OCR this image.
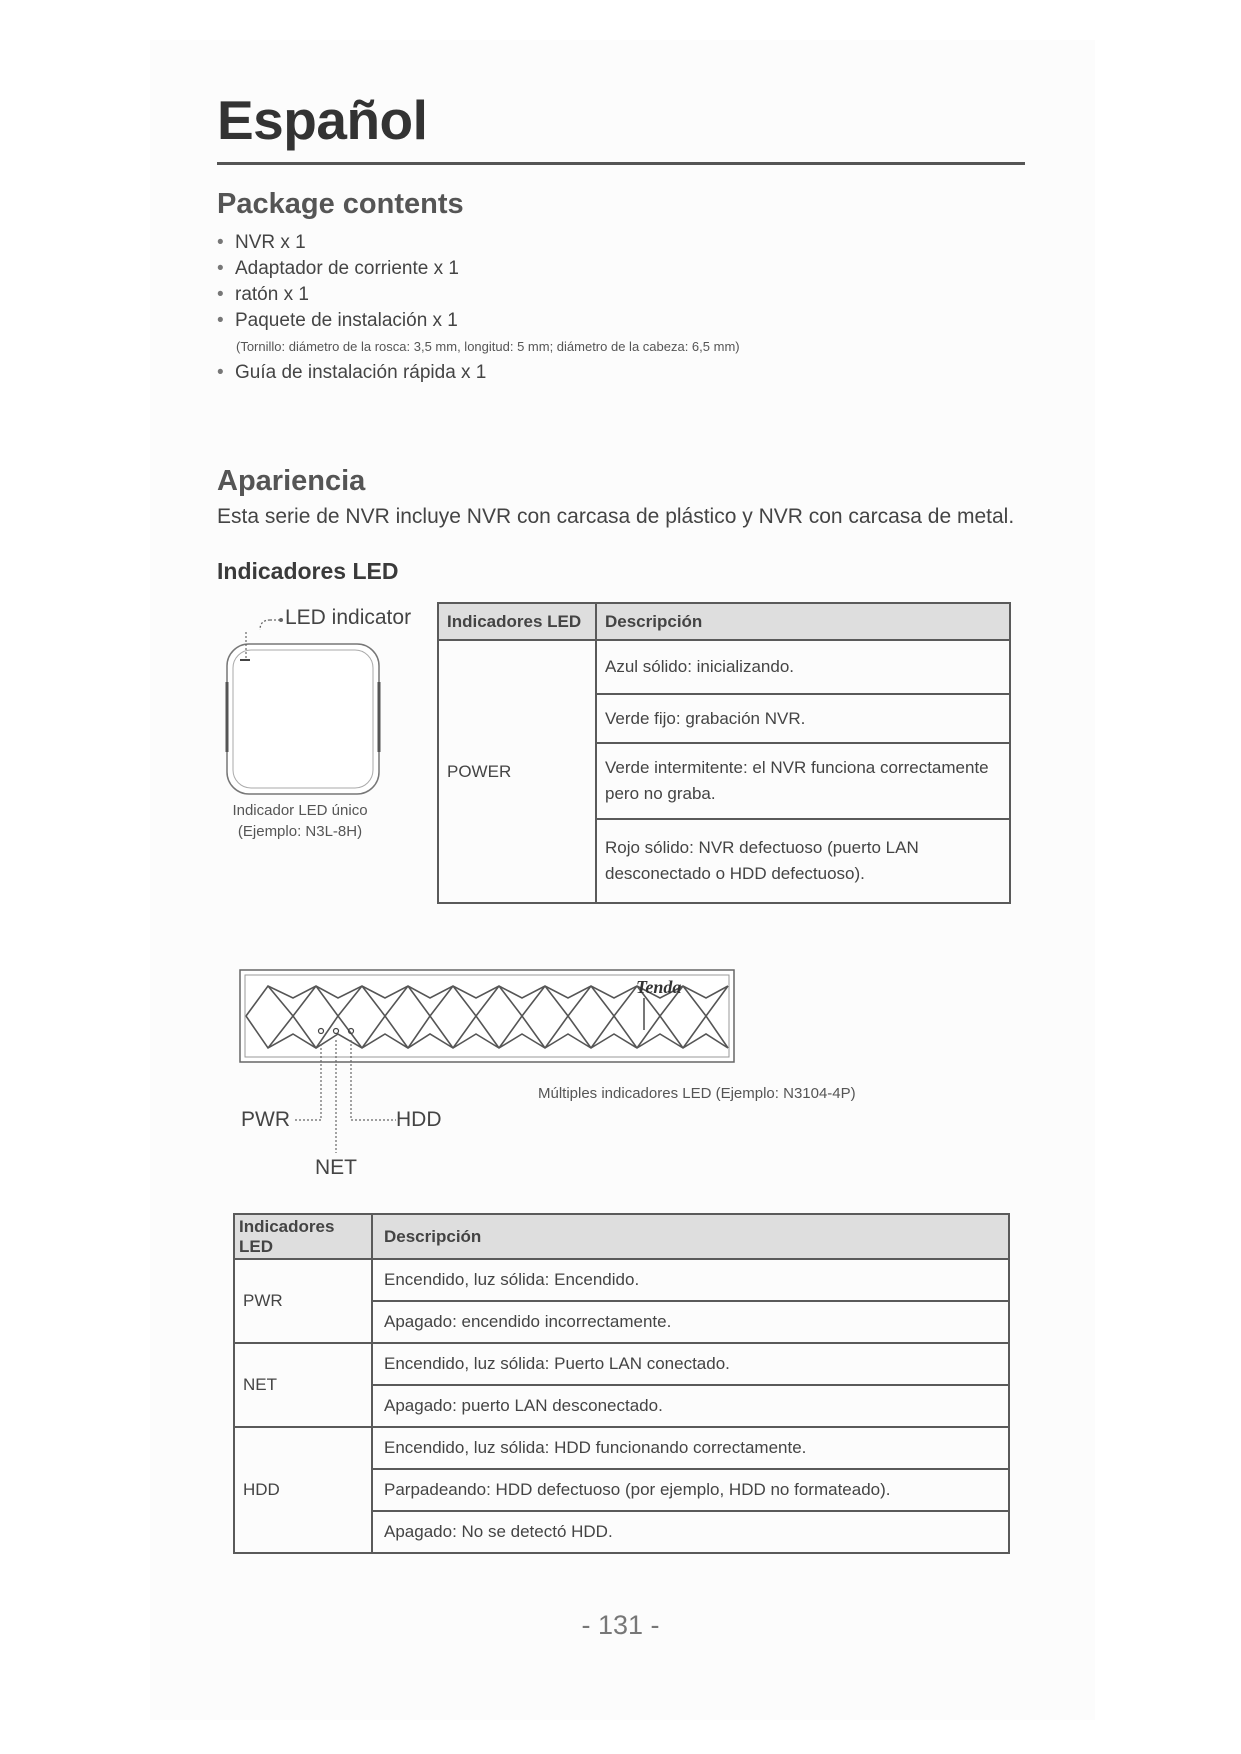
Español
Package contents
• NVR x 1
• Adaptador de corriente x 1
• ratón x 1
• Paquete de instalación x 1
(Tornillo: diámetro de la rosca: 3,5 mm, longitud: 5 mm; diámetro de la cabeza: 6,5 mm)
• Guía de instalación rápida x 1
Apariencia

Esta serie de NVR incluye NVR con carcasa de plástico y NVR con carcasa de metal.

Indicadores LED
LED indicator
Indicador LED único
(Ejemplo: N3L-8H)
Indicadores LED	Descripción
POWER	Azul sólido: inicializando.
	Verde fijo: grabación NVR.
	Verde intermitente: el NVR funciona correctamente pero no graba.
	Rojo sólido: NVR defectuoso (puerto LAN desconectado o HDD defectuoso).
Tenda
PWR	HDD
NET
Múltiples indicadores LED (Ejemplo: N3104-4P)
Indicadores LED	Descripción
PWR	Encendido, luz sólida: Encendido.
	Apagado: encendido incorrectamente.
NET	Encendido, luz sólida: Puerto LAN conectado.
	Apagado: puerto LAN desconectado.
HDD	Encendido, luz sólida: HDD funcionando correctamente.
	Parpadeando: HDD defectuoso (por ejemplo, HDD no formateado).
	Apagado: No se detectó HDD.
- 131 -
